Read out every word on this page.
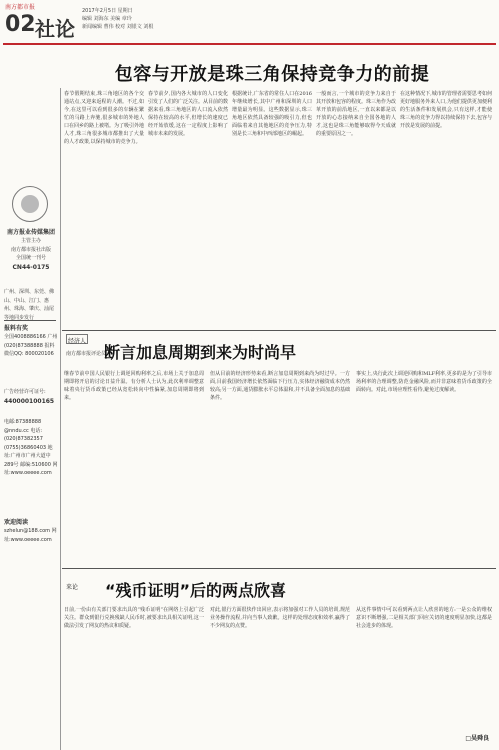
南方都市报
02 社论
2017年2月5日 星期日
编辑 刘海东 美编 章玲
新闻编辑 曹伟 校对 刘银文 刘根
包容与开放是珠三角保持竞争力的前提
南方报业传媒集团
主管主办
南方都市报社出版
全国统一刊号
CN44-0175
广州、深圳、东莞、佛山、中山、江门、惠州、珠海、肇庆、汕尾等地同步发行
报料有奖
全国4008886166 广州(020)87388888 报料微信QQ: 800020106
广告经营许可证号:
440000100165
电邮:87388888 @nndu.cc 电话:(020)87382357 (0755)36860403 地址:广州市广州大道中289号 邮编:510600 网址:www.oeeee.com
欢迎阅读
szhelun@188.com 网址:www.oeeee.com
春节假期结束,珠三角地区的各个交通站点,又迎来返程的人潮。不过,如今,在这里可以看到很多的车辆在繁忙的马路上奔驰,很多城市的外地人口在回乡的路上被堵。为了吸引外地人才,珠三角很多城市都推出了大量的人才政策,以保持城市的竞争力。
春节前夕,国内各大城市的人口变化引发了人们的广泛关注。从目前的数据来看,珠三角地区的人口流入依然保持在较高的水平,但增长的速度已经开始放缓,这在一定程度上影响了城市未来的发展。
根据统计,广东省的常住人口在2016年继续增长,其中广州和深圳的人口增量最为明显。这些数据显示,珠三角地区依然具备较强的吸引力,但也面临着来自其他地区的竞争压力,特别是长三角和中西部地区的崛起。
一般而言,一个城市的竞争力来自于其开放和包容的程度。珠三角作为改革开放的前沿地区,一直以来都是以开放的心态接纳来自全国各地的人才,这也是珠三角能够取得今天成就的重要原因之一。
在这种情况下,城市的管理者需要思考如何更好地服务外来人口,为他们提供更加便利的生活条件和发展机会,只有这样,才能使珠三角的竞争力得以持续保持下去,包容与开放是发展的前提。
经济人
南方都市报评论员
断言加息周期到来为时尚早
继春节前中国人民银行上调逆回购利率之后,市场上关于加息周期即将开启的讨论日益升温。有分析人士认为,此次利率调整意味着央行货币政策已经从宽松转向中性偏紧,加息周期即将到来。
但从目前的经济形势来看,断言加息周期到来尚为时过早。一方面,目前我国经济增长依然面临下行压力,实体经济融资成本仍然较高;另一方面,通货膨胀水平总体温和,并不具备全面加息的基础条件。
事实上,央行此次上调逆回购和MLF利率,更多的是为了引导市场利率的合理调整,防范金融风险,而并非意味着货币政策的全面转向。对此,市场应理性看待,避免过度解读。
来论 “残币证明”后的两点欣喜
日前,一份由有关部门要求出具的“残币证明”在网络上引起广泛关注。群众到银行兑换残缺人民币时,被要求出具相关证明,这一做法引发了网友的热议和质疑。
对此,银行方面很快作出回应,表示将加强对工作人员的培训,规范业务操作流程,并向当事人致歉。这样的处理态度和效率,赢得了不少网友的点赞。
从这件事情中可以看到两点让人欣喜的地方:一是公众的维权意识不断增强,二是相关部门回应关切的速度明显加快,这都是社会进步的体现。
□吴舜良
